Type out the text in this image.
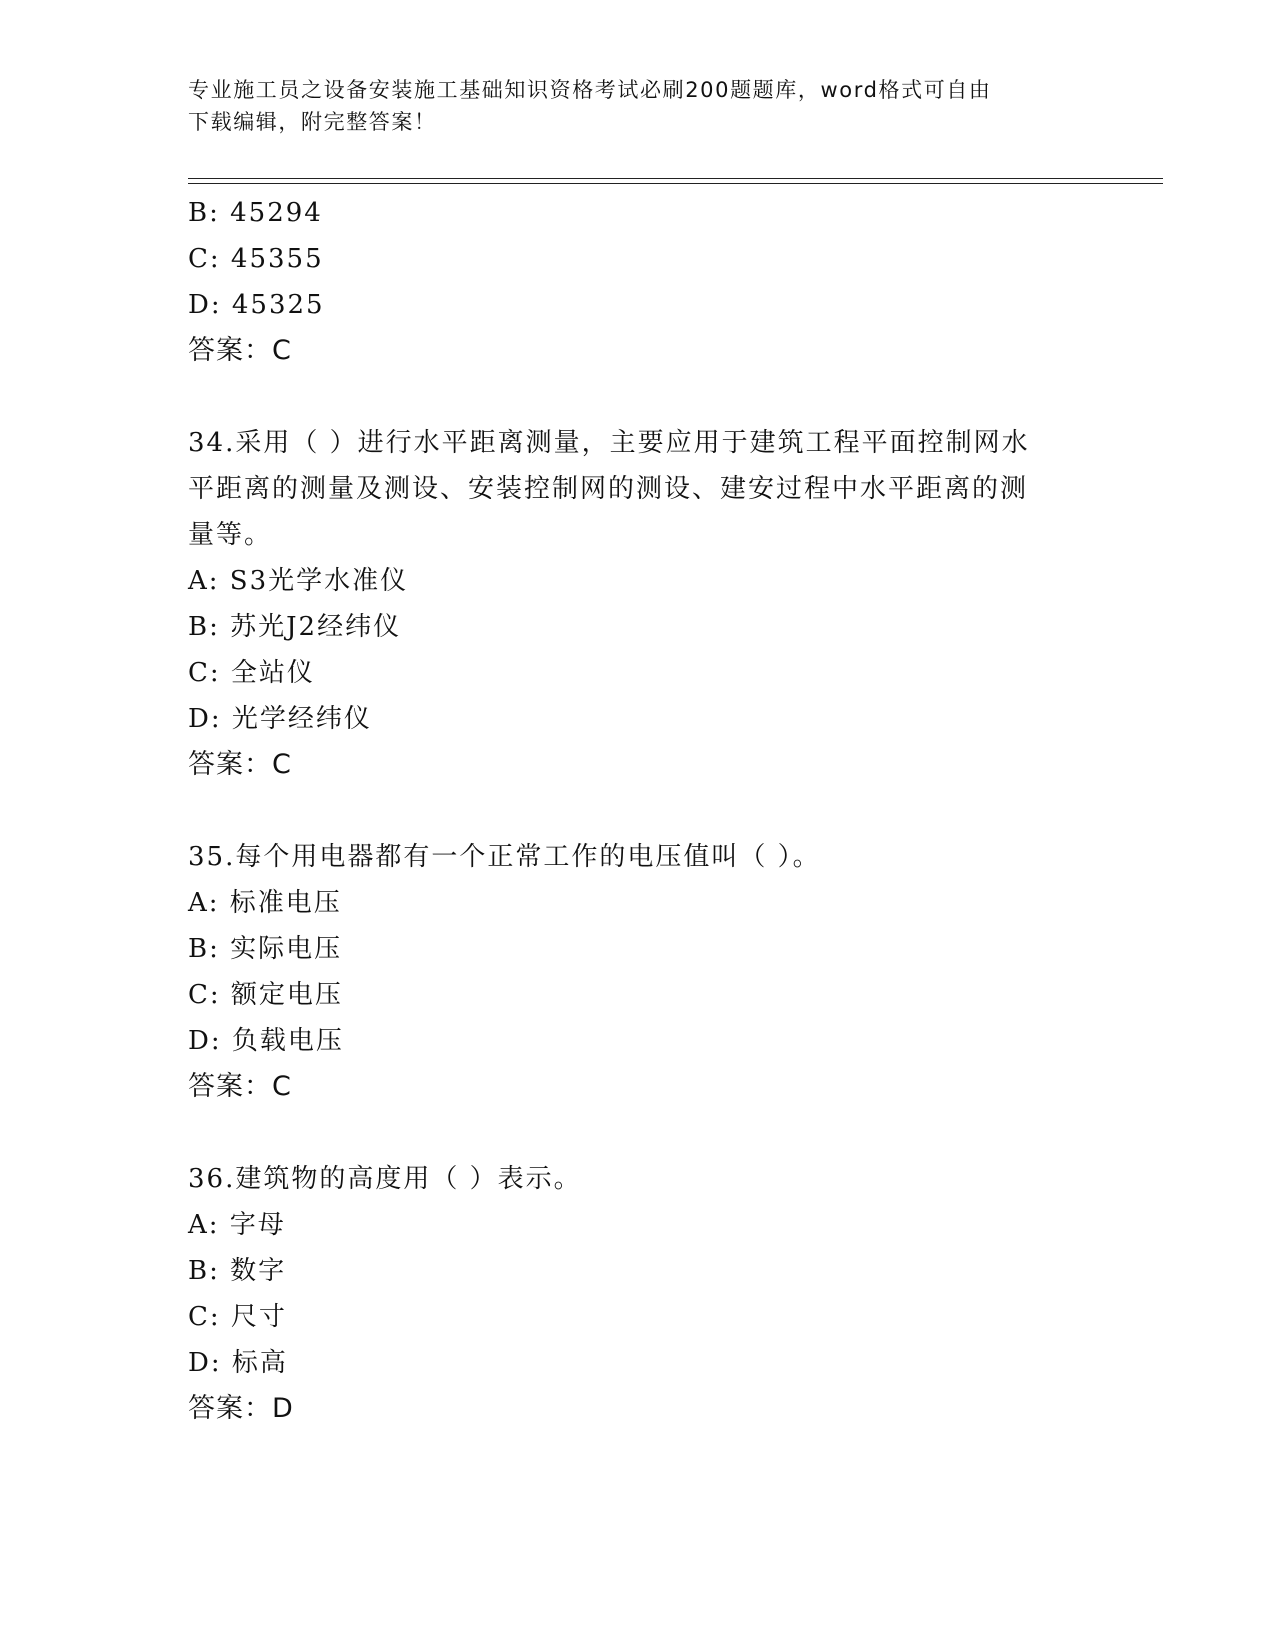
专业施工员之设备安装施工基础知识资格考试必刷200题题库，word格式可自由
下载编辑，附完整答案！
B: 45294
C: 45355
D: 45325
答案：C
34.采用（ ）进行水平距离测量，主要应用于建筑工程平面控制网水
平距离的测量及测设、安装控制网的测设、建安过程中水平距离的测
量等。
A: S3光学水准仪
B: 苏光J2经纬仪
C: 全站仪
D: 光学经纬仪
答案：C
35.每个用电器都有一个正常工作的电压值叫（ ）。
A: 标准电压
B: 实际电压
C: 额定电压
D: 负载电压
答案：C
36.建筑物的高度用（ ）表示。
A: 字母
B: 数字
C: 尺寸
D: 标高
答案：D
